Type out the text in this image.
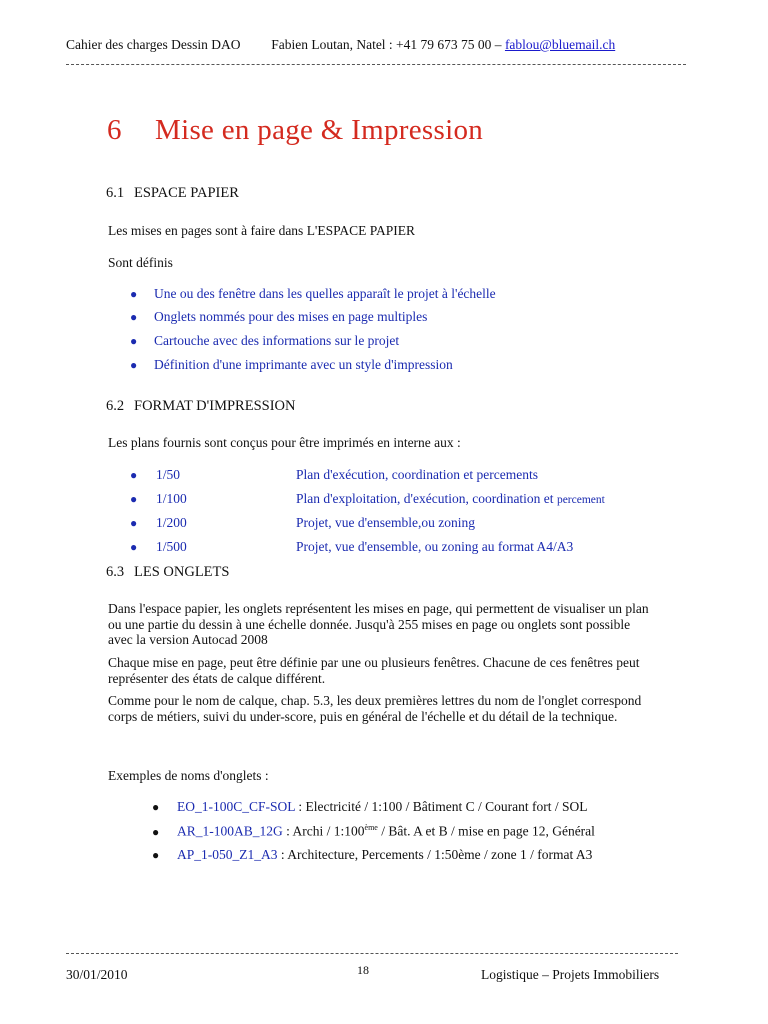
Cahier des charges Dessin DAO Fabien Loutan, Natel : +41 79 673 75 00 – fablou@bluemail.ch
6 Mise en page & Impression
6.1 ESPACE PAPIER
Les mises en pages sont à faire dans L'ESPACE PAPIER
Sont définis
● Une ou des fenêtre dans les quelles apparaît le projet à l'échelle
● Onglets nommés pour des mises en page multiples
● Cartouche avec des informations sur le projet
● Définition d'une imprimante avec un style d'impression
6.2 FORMAT D'IMPRESSION
Les plans fournis sont conçus pour être imprimés en interne aux :
● 1/50	Plan d'exécution, coordination et percements
● 1/100	Plan d'exploitation, d'exécution, coordination et percement
● 1/200	Projet, vue d'ensemble,ou zoning
● 1/500	Projet, vue d'ensemble, ou zoning au format A4/A3
6.3 LES ONGLETS
Dans l'espace papier, les onglets représentent les mises en page, qui permettent de visualiser un plan ou une partie du dessin à une échelle donnée. Jusqu'à 255 mises en page ou onglets sont possible avec la version Autocad 2008
Chaque mise en page, peut être définie par une ou plusieurs fenêtres. Chacune de ces fenêtres peut représenter des états de calque différent.
Comme pour le nom de calque, chap. 5.3, les deux premières lettres du nom de l'onglet correspond corps de métiers, suivi du under-score, puis en général de l'échelle et du détail de la technique.
Exemples de noms d'onglets :
● EO_1-100C_CF-SOL : Electricité / 1:100 / Bâtiment C / Courant fort / SOL
● AR_1-100AB_12G : Archi / 1:100ème / Bât. A et B / mise en page 12, Général
● AP_1-050_Z1_A3 : Architecture, Percements / 1:50ème / zone 1 / format A3
30/01/2010	18	Logistique – Projets Immobiliers
